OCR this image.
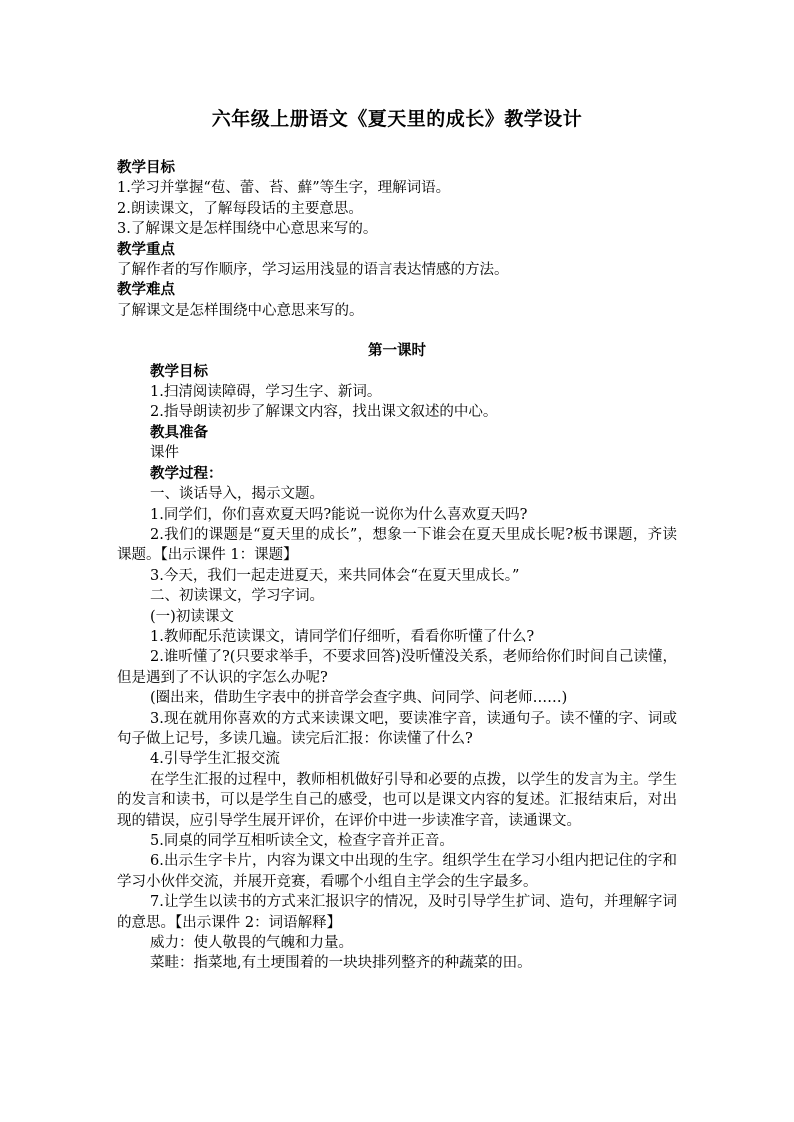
六年级上册语文《夏天里的成长》教学设计
教学目标
1.学习并掌握“苞、蕾、苔、蘚”等生字，理解词语。
2.朗读课文，了解每段话的主要意思。
3.了解课文是怎样围绕中心意思来写的。
教学重点
了解作者的写作顺序，学习运用浅显的语言表达情感的方法。
教学难点
了解课文是怎样围绕中心意思来写的。
第一课时
教学目标
1.扫清阅读障碍，学习生字、新词。
2.指导朗读初步了解课文内容，找出课文叙述的中心。
教具准备
课件
教学过程：
一、谈话导入，揭示文题。
1.同学们，你们喜欢夏天吗?能说一说你为什么喜欢夏天吗?
2.我们的课题是“夏天里的成长”，想象一下谁会在夏天里成长呢?板书课题，齐读课题。【出示课件 1：课题】
3.今天，我们一起走进夏天，来共同体会“在夏天里成长。”
二、初读课文，学习字词。
(一)初读课文
1.教师配乐范读课文，请同学们仔细听，看看你听懂了什么?
2.谁听懂了?(只要求举手，不要求回答)没听懂没关系，老师给你们时间自己读懂，但是遇到了不认识的字怎么办呢?
(圈出来，借助生字表中的拼音学会查字典、问同学、问老师……)
3.现在就用你喜欢的方式来读课文吧，要读准字音，读通句子。读不懂的字、词或句子做上记号，多读几遍。读完后汇报：你读懂了什么?
4.引导学生汇报交流
在学生汇报的过程中，教师相机做好引导和必要的点拨，以学生的发言为主。学生的发言和读书，可以是学生自己的感受，也可以是课文内容的复述。汇报结束后，对出现的错误，应引导学生展开评价，在评价中进一步读准字音，读通课文。
5.同桌的同学互相听读全文，检查字音并正音。
6.出示生字卡片，内容为课文中出现的生字。组织学生在学习小组内把记住的字和学习小伙伴交流，并展开竞赛，看哪个小组自主学会的生字最多。
7.让学生以读书的方式来汇报识字的情况，及时引导学生扩词、造句，并理解字词的意思。【出示课件 2：词语解释】
威力：使人敬畏的气魄和力量。
菜畦：指菜地,有土埂围着的一块块排列整齐的种蔬菜的田。
